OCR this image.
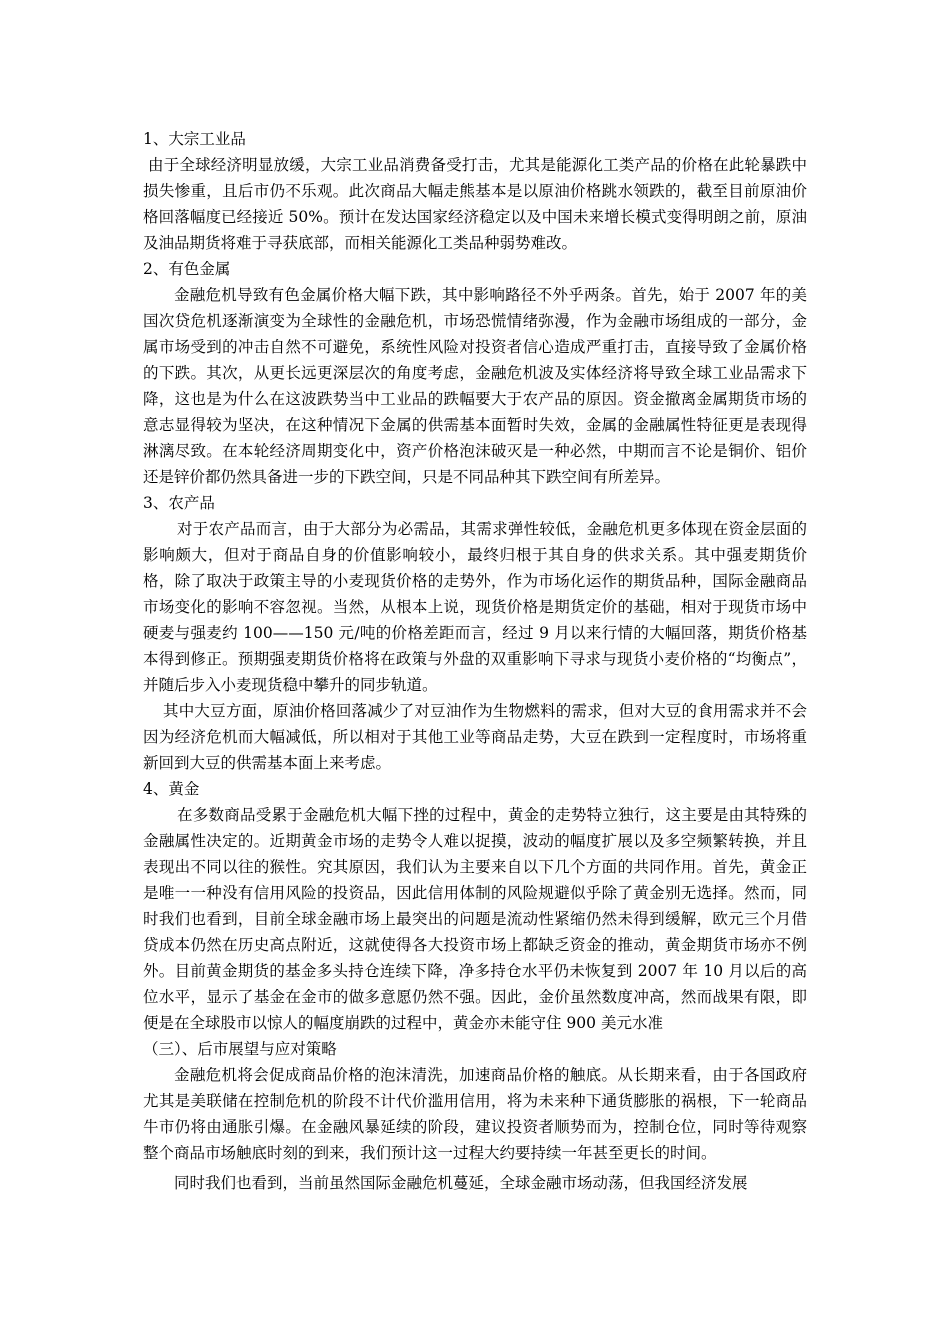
1、大宗工业品

由于全球经济明显放缓，大宗工业品消费备受打击，尤其是能源化工类产品的价格在此轮暴跌中损失惨重，且后市仍不乐观。此次商品大幅走熊基本是以原油价格跳水领跌的，截至目前原油价格回落幅度已经接近 50%。预计在发达国家经济稳定以及中国未来增长模式变得明朗之前，原油及油品期货将难于寻获底部，而相关能源化工类品种弱势难改。

2、有色金属

金融危机导致有色金属价格大幅下跌，其中影响路径不外乎两条。首先，始于 2007 年的美国次贷危机逐渐演变为全球性的金融危机，市场恐慌情绪弥漫，作为金融市场组成的一部分，金属市场受到的冲击自然不可避免，系统性风险对投资者信心造成严重打击，直接导致了金属价格的下跌。其次，从更长远更深层次的角度考虑，金融危机波及实体经济将导致全球工业品需求下降，这也是为什么在这波跌势当中工业品的跌幅要大于农产品的原因。资金撤离金属期货市场的意志显得较为坚决，在这种情况下金属的供需基本面暂时失效，金属的金融属性特征更是表现得淋漓尽致。在本轮经济周期变化中，资产价格泡沫破灭是一种必然，中期而言不论是铜价、铝价还是锌价都仍然具备进一步的下跌空间，只是不同品种其下跌空间有所差异。

3、农产品

对于农产品而言，由于大部分为必需品，其需求弹性较低，金融危机更多体现在资金层面的影响颇大，但对于商品自身的价值影响较小，最终归根于其自身的供求关系。其中强麦期货价格，除了取决于政策主导的小麦现货价格的走势外，作为市场化运作的期货品种，国际金融商品市场变化的影响不容忽视。当然，从根本上说，现货价格是期货定价的基础，相对于现货市场中硬麦与强麦约 100——150 元/吨的价格差距而言，经过 9 月以来行情的大幅回落，期货价格基本得到修正。预期强麦期货价格将在政策与外盘的双重影响下寻求与现货小麦价格的“均衡点”，并随后步入小麦现货稳中攀升的同步轨道。

其中大豆方面，原油价格回落减少了对豆油作为生物燃料的需求，但对大豆的食用需求并不会因为经济危机而大幅减低，所以相对于其他工业等商品走势，大豆在跌到一定程度时，市场将重新回到大豆的供需基本面上来考虑。

4、黄金

在多数商品受累于金融危机大幅下挫的过程中，黄金的走势特立独行，这主要是由其特殊的金融属性决定的。近期黄金市场的走势令人难以捉摸，波动的幅度扩展以及多空频繁转换，并且表现出不同以往的猴性。究其原因，我们认为主要来自以下几个方面的共同作用。首先，黄金正是唯一一种没有信用风险的投资品，因此信用体制的风险规避似乎除了黄金别无选择。然而，同时我们也看到，目前全球金融市场上最突出的问题是流动性紧缩仍然未得到缓解，欧元三个月借贷成本仍然在历史高点附近，这就使得各大投资市场上都缺乏资金的推动，黄金期货市场亦不例外。目前黄金期货的基金多头持仓连续下降，净多持仓水平仍未恢复到 2007 年 10 月以后的高位水平，显示了基金在金市的做多意愿仍然不强。因此，金价虽然数度冲高，然而战果有限，即便是在全球股市以惊人的幅度崩跌的过程中，黄金亦未能守住 900 美元水准

（三）、后市展望与应对策略

金融危机将会促成商品价格的泡沫清洗，加速商品价格的触底。从长期来看，由于各国政府尤其是美联储在控制危机的阶段不计代价滥用信用，将为未来种下通货膨胀的祸根，下一轮商品牛市仍将由通胀引爆。在金融风暴延续的阶段，建议投资者顺势而为，控制仓位，同时等待观察整个商品市场触底时刻的到来，我们预计这一过程大约要持续一年甚至更长的时间。

同时我们也看到，当前虽然国际金融危机蔓延，全球金融市场动荡，但我国经济发展
